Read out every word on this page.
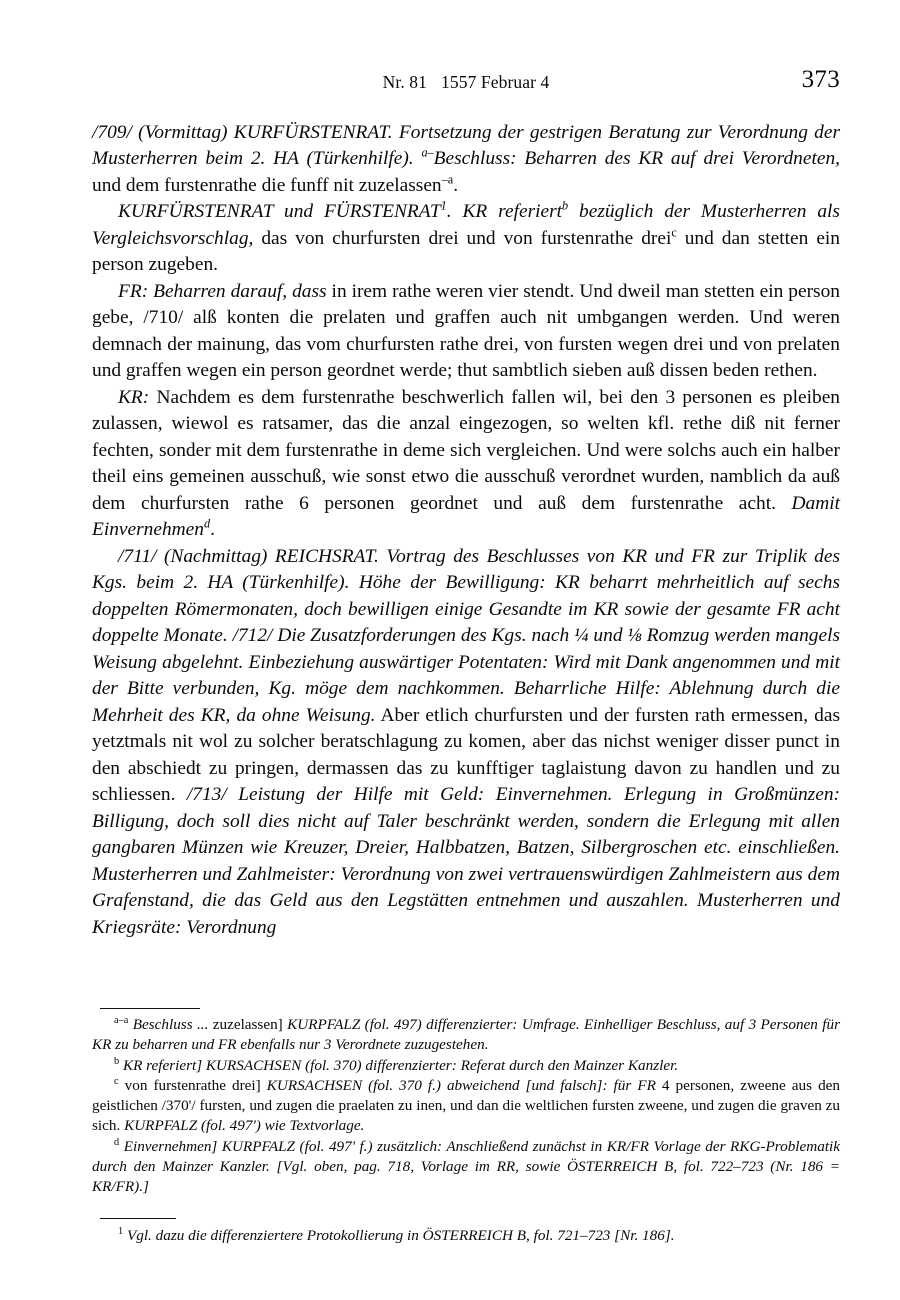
Nr. 81 1557 Februar 4	373

/709/ (Vormittag) KURFÜRSTENRAT. Fortsetzung der gestrigen Beratung zur Verordnung der Musterherren beim 2. HA (Türkenhilfe). $^{a-}$Beschluss: Beharren des KR auf drei Verordneten, und dem furstenrathe die funff nit zuzelassen$^{-a}$.

KURFÜRSTENRAT und FÜRSTENRAT$^1$. KR referiert$^b$ bezüglich der Musterherren als Vergleichsvorschlag, das von churfursten drei und von furstenrathe drei$^c$ und dan stetten ein person zugeben.

FR: Beharren darauf, dass in irem rathe weren vier stendt. Und dweil man stetten ein person gebe, /710/ alß konten die prelaten und graffen auch nit umbgangen werden. Und weren demnach der mainung, das vom churfursten rathe drei, von fursten wegen drei und von prelaten und graffen wegen ein person geordnet werde; thut sambtlich sieben auß dissen beden rethen.

KR: Nachdem es dem furstenrathe beschwerlich fallen wil, bei den 3 personen es pleiben zulassen, wiewol es ratsamer, das die anzal eingezogen, so welten kfl. rethe diß nit ferner fechten, sonder mit dem furstenrathe in deme sich vergleichen. Und were solchs auch ein halber theil eins gemeinen ausschuß, wie sonst etwo die ausschuß verordnet wurden, namblich da auß dem churfursten rathe 6 personen geordnet und auß dem furstenrathe acht. Damit Einvernehmen$^d$.

/711/ (Nachmittag) REICHSRAT. Vortrag des Beschlusses von KR und FR zur Triplik des Kgs. beim 2. HA (Türkenhilfe). Höhe der Bewilligung: KR beharrt mehrheitlich auf sechs doppelten Römermonaten, doch bewilligen einige Gesandte im KR sowie der gesamte FR acht doppelte Monate. /712/ Die Zusatzforderungen des Kgs. nach ¼ und ⅛ Romzug werden mangels Weisung abgelehnt. Einbeziehung auswärtiger Potentaten: Wird mit Dank angenommen und mit der Bitte verbunden, Kg. möge dem nachkommen. Beharrliche Hilfe: Ablehnung durch die Mehrheit des KR, da ohne Weisung. Aber etlich churfursten und der fursten rath ermessen, das yetztmals nit wol zu solcher beratschlagung zu komen, aber das nichst weniger disser punct in den abschiedt zu pringen, dermassen das zu kunfftiger taglaistung davon zu handlen und zu schliessen. /713/ Leistung der Hilfe mit Geld: Einvernehmen. Erlegung in Großmünzen: Billigung, doch soll dies nicht auf Taler beschränkt werden, sondern die Erlegung mit allen gangbaren Münzen wie Kreuzer, Dreier, Halbbatzen, Batzen, Silbergroschen etc. einschließen. Musterherren und Zahlmeister: Verordnung von zwei vertrauenswürdigen Zahlmeistern aus dem Grafenstand, die das Geld aus den Legstätten entnehmen und auszahlen. Musterherren und Kriegsräte: Verordnung

$^{a-a}$ Beschluss ... zuzelassen] KURPFALZ (fol. 497) differenzierter: Umfrage. Einhelliger Beschluss, auf 3 Personen für KR zu beharren und FR ebenfalls nur 3 Verordnete zuzugestehen.

$^b$ KR referiert] KURSACHSEN (fol. 370) differenzierter: Referat durch den Mainzer Kanzler.

$^c$ von furstenrathe drei] KURSACHSEN (fol. 370 f.) abweichend [und falsch]: für FR 4 personen, zweene aus den geistlichen /370'/ fursten, und zugen die praelaten zu inen, und dan die weltlichen fursten zweene, und zugen die graven zu sich. KURPFALZ (fol. 497') wie Textvorlage.

$^d$ Einvernehmen] KURPFALZ (fol. 497' f.) zusätzlich: Anschließend zunächst in KR/FR Vorlage der RKG-Problematik durch den Mainzer Kanzler. [Vgl. oben, pag. 718, Vorlage im RR, sowie ÖSTERREICH B, fol. 722–723 (Nr. 186 = KR/FR).]

$^1$ Vgl. dazu die differenziertere Protokollierung in ÖSTERREICH B, fol. 721–723 [Nr. 186].
